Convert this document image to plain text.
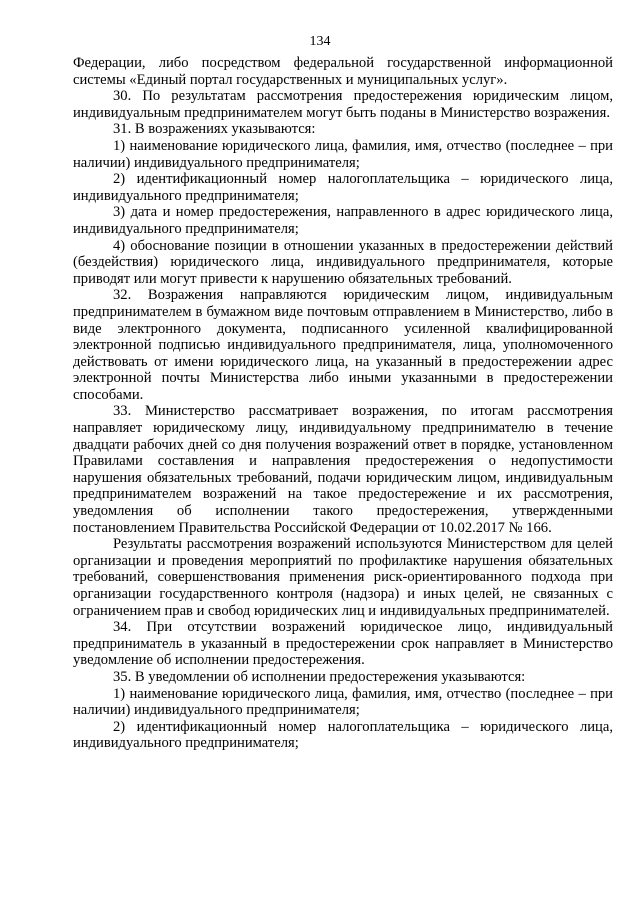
134

Федерации, либо посредством федеральной государственной информационной системы «Единый портал государственных и муниципальных услуг».

30. По результатам рассмотрения предостережения юридическим лицом, индивидуальным предпринимателем могут быть поданы в Министерство возражения.

31. В возражениях указываются:

1) наименование юридического лица, фамилия, имя, отчество (последнее – при наличии) индивидуального предпринимателя;

2) идентификационный номер налогоплательщика – юридического лица, индивидуального предпринимателя;

3) дата и номер предостережения, направленного в адрес юридического лица, индивидуального предпринимателя;

4) обоснование позиции в отношении указанных в предостережении действий (бездействия) юридического лица, индивидуального предпринимателя, которые приводят или могут привести к нарушению обязательных требований.

32. Возражения направляются юридическим лицом, индивидуальным предпринимателем в бумажном виде почтовым отправлением в Министерство, либо в виде электронного документа, подписанного усиленной квалифицированной электронной подписью индивидуального предпринимателя, лица, уполномоченного действовать от имени юридического лица, на указанный в предостережении адрес электронной почты Министерства либо иными указанными в предостережении способами.

33. Министерство рассматривает возражения, по итогам рассмотрения направляет юридическому лицу, индивидуальному предпринимателю в течение двадцати рабочих дней со дня получения возражений ответ в порядке, установленном Правилами составления и направления предостережения о недопустимости нарушения обязательных требований, подачи юридическим лицом, индивидуальным предпринимателем возражений на такое предостережение и их рассмотрения, уведомления об исполнении такого предостережения, утвержденными постановлением Правительства Российской Федерации от 10.02.2017 № 166.

Результаты рассмотрения возражений используются Министерством для целей организации и проведения мероприятий по профилактике нарушения обязательных требований, совершенствования применения риск-ориентированного подхода при организации государственного контроля (надзора) и иных целей, не связанных с ограничением прав и свобод юридических лиц и индивидуальных предпринимателей.

34. При отсутствии возражений юридическое лицо, индивидуальный предприниматель в указанный в предостережении срок направляет в Министерство уведомление об исполнении предостережения.

35. В уведомлении об исполнении предостережения указываются:

1) наименование юридического лица, фамилия, имя, отчество (последнее – при наличии) индивидуального предпринимателя;

2) идентификационный номер налогоплательщика – юридического лица, индивидуального предпринимателя;
